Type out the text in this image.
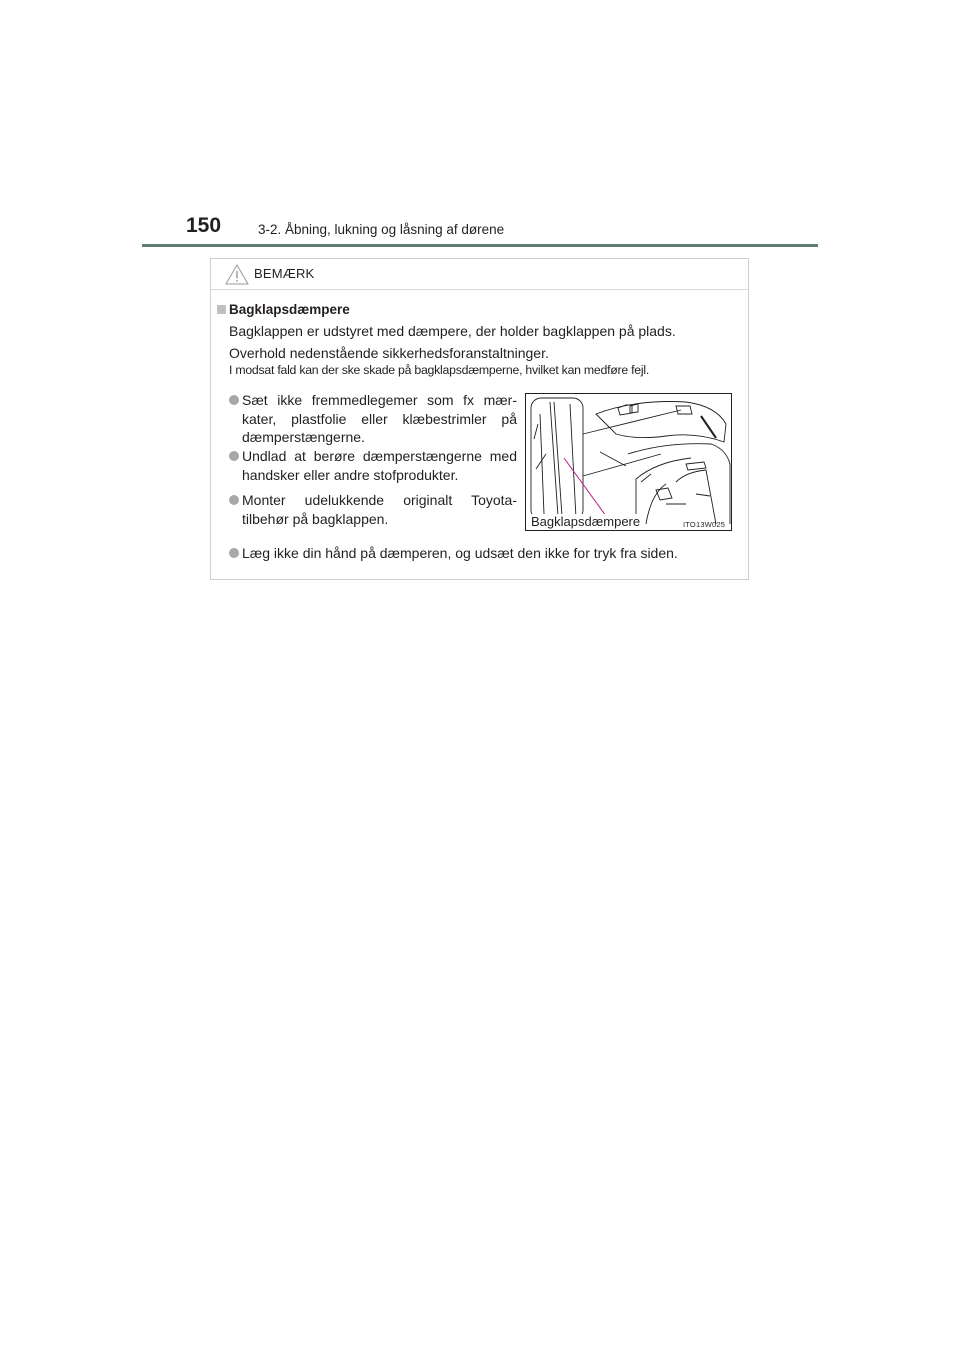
150	3-2. Åbning, lukning og låsning af dørene
BEMÆRK
Bagklapsdæmpere
Bagklappen er udstyret med dæmpere, der holder bagklappen på plads.
Overhold nedenstående sikkerhedsforanstaltninger.
I modsat fald kan der ske skade på bagklapsdæmperne, hvilket kan medføre fejl.
Sæt ikke fremmedlegemer som fx mær-kater, plastfolie eller klæbestrimler på dæmperstængerne.
Undlad at berøre dæmperstængerne med handsker eller andre stofprodukter.
Monter udelukkende originalt Toyota-tilbehør på bagklappen.
Læg ikke din hånd på dæmperen, og udsæt den ikke for tryk fra siden.
Bagklapsdæmpere	ITO13W025
